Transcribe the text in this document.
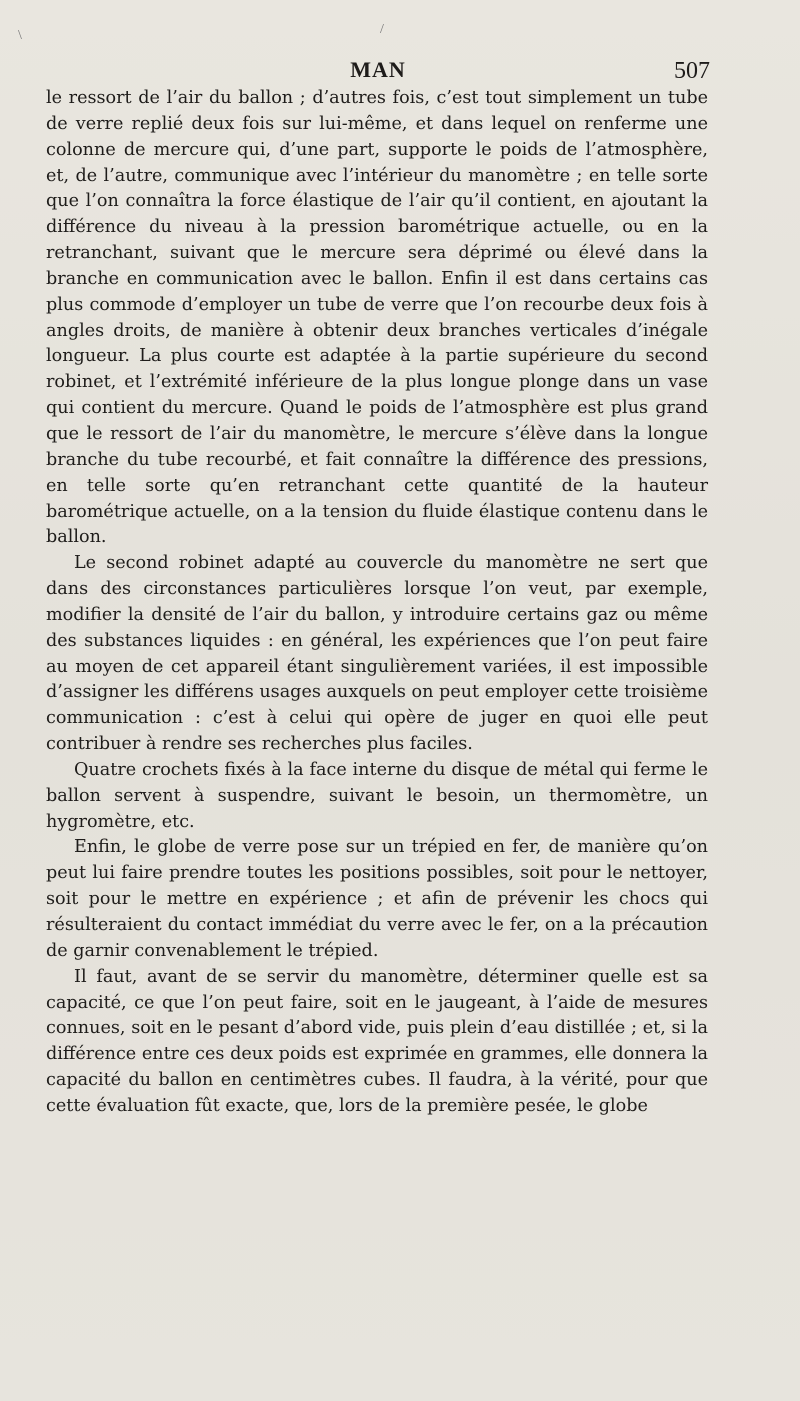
\	/
MAN	507

le ressort de l’air du ballon ; d’autres fois, c’est tout simplement un tube de verre replié deux fois sur lui-même, et dans lequel on renferme une colonne de mercure qui, d’une part, supporte le poids de l’atmosphère, et, de l’autre, communique avec l’intérieur du manomètre ; en telle sorte que l’on connaîtra la force élastique de l’air qu’il contient, en ajoutant la différence du niveau à la pression barométrique actuelle, ou en la retranchant, suivant que le mercure sera déprimé ou élevé dans la branche en communication avec le ballon. Enfin il est dans certains cas plus commode d’employer un tube de verre que l’on recourbe deux fois à angles droits, de manière à obtenir deux branches verticales d’inégale longueur. La plus courte est adaptée à la partie supérieure du second robinet, et l’extrémité inférieure de la plus longue plonge dans un vase qui contient du mercure. Quand le poids de l’atmosphère est plus grand que le ressort de l’air du manomètre, le mercure s’élève dans la longue branche du tube recourbé, et fait connaître la différence des pressions, en telle sorte qu’en retranchant cette quantité de la hauteur barométrique actuelle, on a la tension du fluide élastique contenu dans le ballon.

Le second robinet adapté au couvercle du manomètre ne sert que dans des circonstances particulières lorsque l’on veut, par exemple, modifier la densité de l’air du ballon, y introduire certains gaz ou même des substances liquides : en général, les expériences que l’on peut faire au moyen de cet appareil étant singulièrement variées, il est impossible d’assigner les différens usages auxquels on peut employer cette troisième communication : c’est à celui qui opère de juger en quoi elle peut contribuer à rendre ses recherches plus faciles.

Quatre crochets fixés à la face interne du disque de métal qui ferme le ballon servent à suspendre, suivant le besoin, un thermomètre, un hygromètre, etc.

Enfin, le globe de verre pose sur un trépied en fer, de manière qu’on peut lui faire prendre toutes les positions possibles, soit pour le nettoyer, soit pour le mettre en expérience ; et afin de prévenir les chocs qui résulteraient du contact immédiat du verre avec le fer, on a la précaution de garnir convenablement le trépied.

Il faut, avant de se servir du manomètre, déterminer quelle est sa capacité, ce que l’on peut faire, soit en le jaugeant, à l’aide de mesures connues, soit en le pesant d’abord vide, puis plein d’eau distillée ; et, si la différence entre ces deux poids est exprimée en grammes, elle donnera la capacité du ballon en centimètres cubes. Il faudra, à la vérité, pour que cette évaluation fût exacte, que, lors de la première pesée, le globe
